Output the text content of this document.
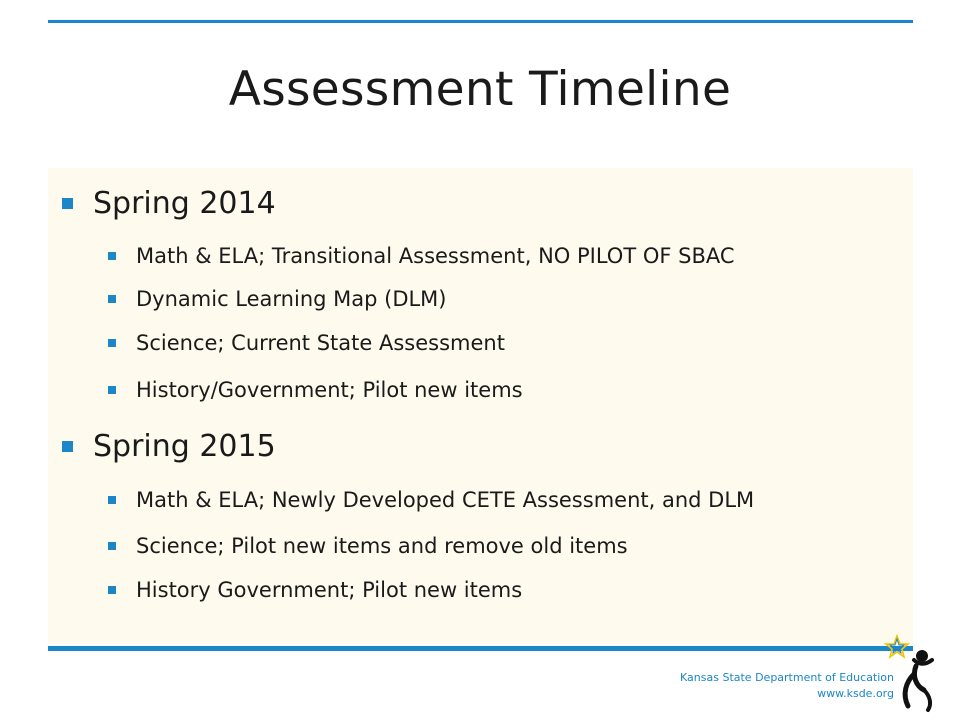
Assessment Timeline
Spring 2014
Math & ELA; Transitional Assessment, NO PILOT OF SBAC
Dynamic Learning Map (DLM)
Science; Current State Assessment
History/Government; Pilot new items
Spring 2015
Math & ELA; Newly Developed CETE Assessment, and DLM
Science; Pilot new items and remove old items
History Government; Pilot new items
Kansas State Department of Education
www.ksde.org
